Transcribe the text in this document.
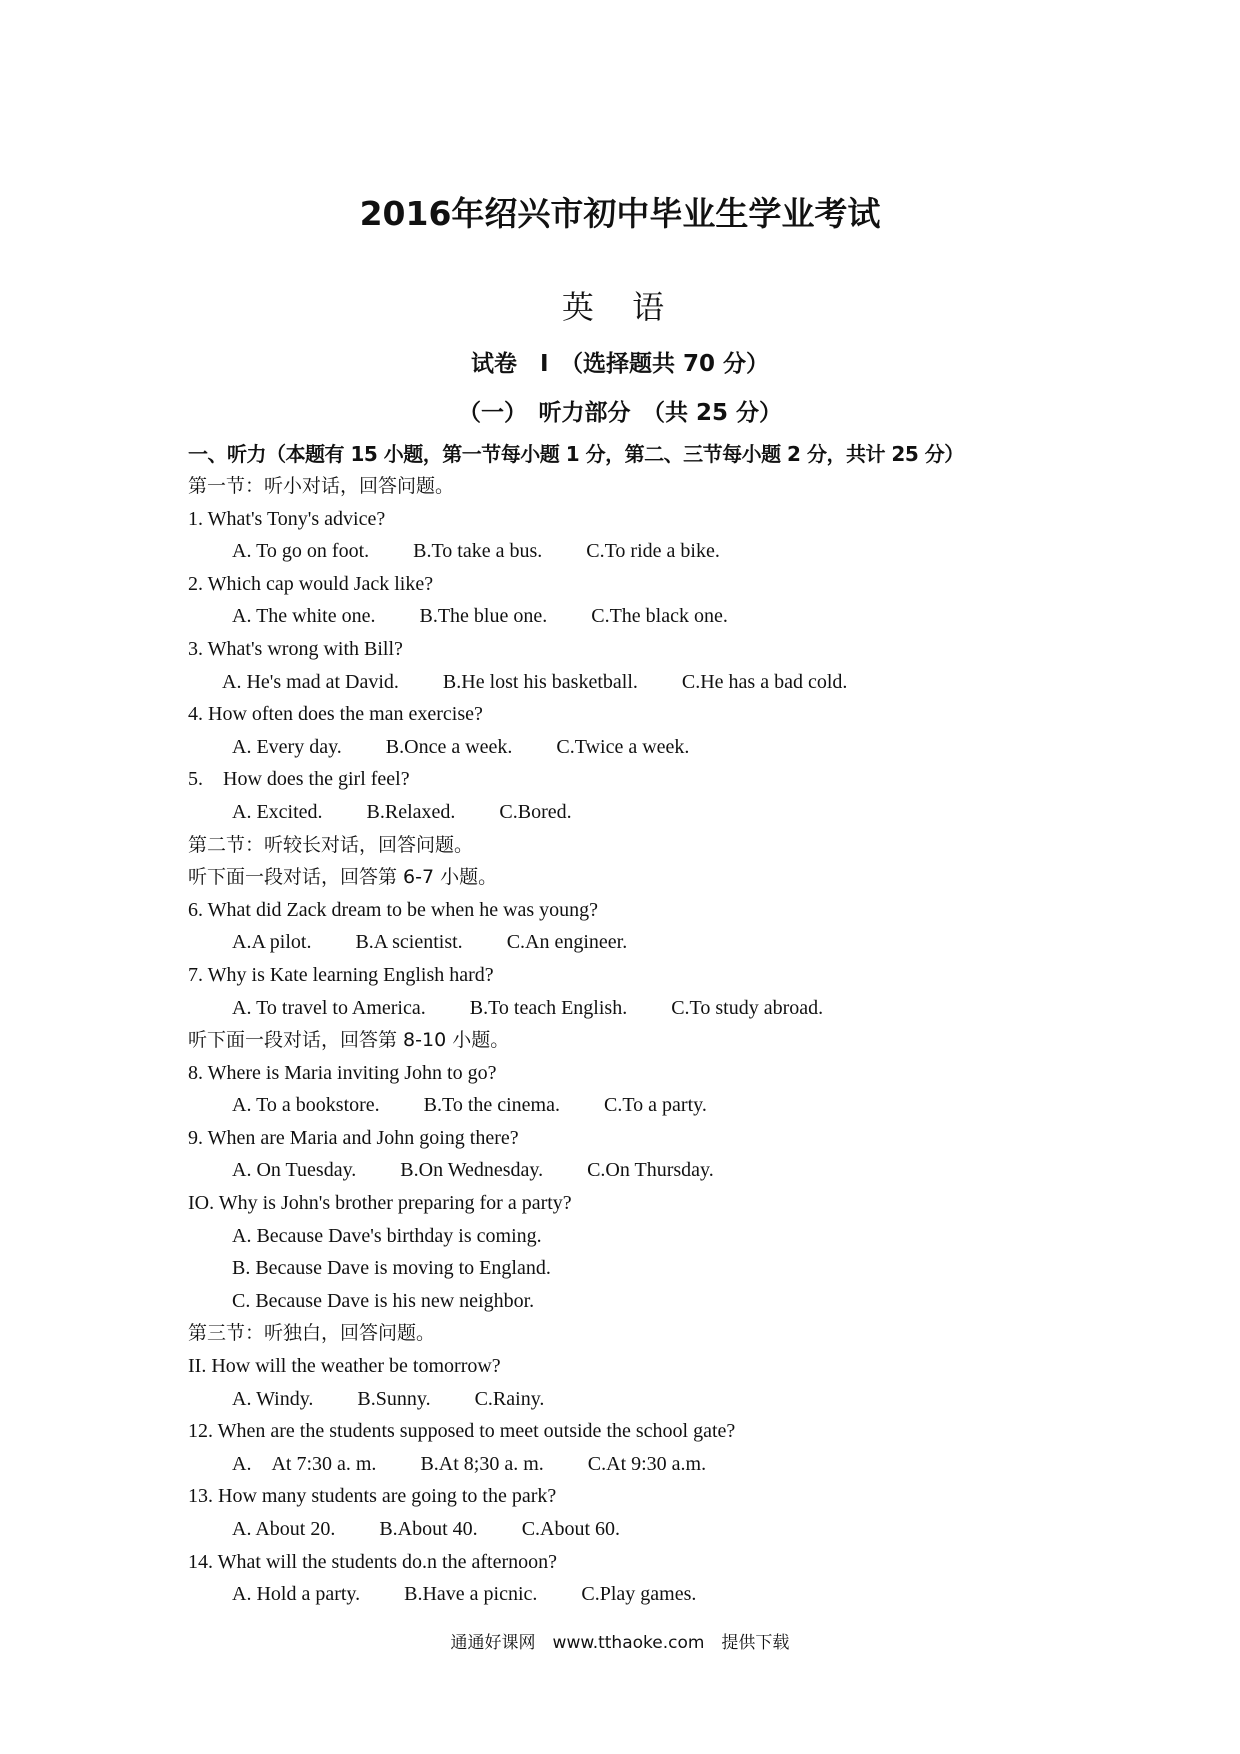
2016年绍兴市初中毕业生学业考试
英 语
试卷　Ⅰ　（选择题共 70 分）
（一）　听力部分　（共 25 分）
一、听力（本题有 15 小题，第一节每小题 1 分，第二、三节每小题 2 分，共计 25 分）
第一节：听小对话，回答问题。
1. What's Tony's advice?
A. To go on foot. B.To take a bus. C.To ride a bike.
2. Which cap would Jack like?
A. The white one. B.The blue one. C.The black one.
3. What's wrong with Bill?
A. He's mad at David. B.He lost his basketball. C.He has a bad cold.
4. How often does the man exercise?
A. Every day. B.Once a week. C.Twice a week.
5.　How does the girl feel?
A. Excited. B.Relaxed. C.Bored.
第二节：听较长对话，回答问题。
听下面一段对话，回答第 6-7 小题。
6. What did Zack dream to be when he was young?
A.A pilot. B.A scientist. C.An engineer.
7. Why is Kate learning English hard?
A. To travel to America. B.To teach English. C.To study abroad.
听下面一段对话，回答第 8-10 小题。
8. Where is Maria inviting John to go?
A. To a bookstore. B.To the cinema. C.To a party.
9. When are Maria and John going there?
A. On Tuesday. B.On Wednesday. C.On Thursday.
IO. Why is John's brother preparing for a party?
A. Because Dave's birthday is coming.
B. Because Dave is moving to England.
C. Because Dave is his new neighbor.
第三节：听独白，回答问题。
II. How will the weather be tomorrow?
A. Windy. B.Sunny. C.Rainy.
12. When are the students supposed to meet outside the school gate?
A.　At 7:30 a. m. B.At 8;30 a. m. C.At 9:30 a.m.
13. How many students are going to the park?
A. About 20. B.About 40. C.About 60.
14. What will the students do.n the afternoon?
A. Hold a party. B.Have a picnic. C.Play games.
通通好课网　www.tthaoke.com　提供下载
